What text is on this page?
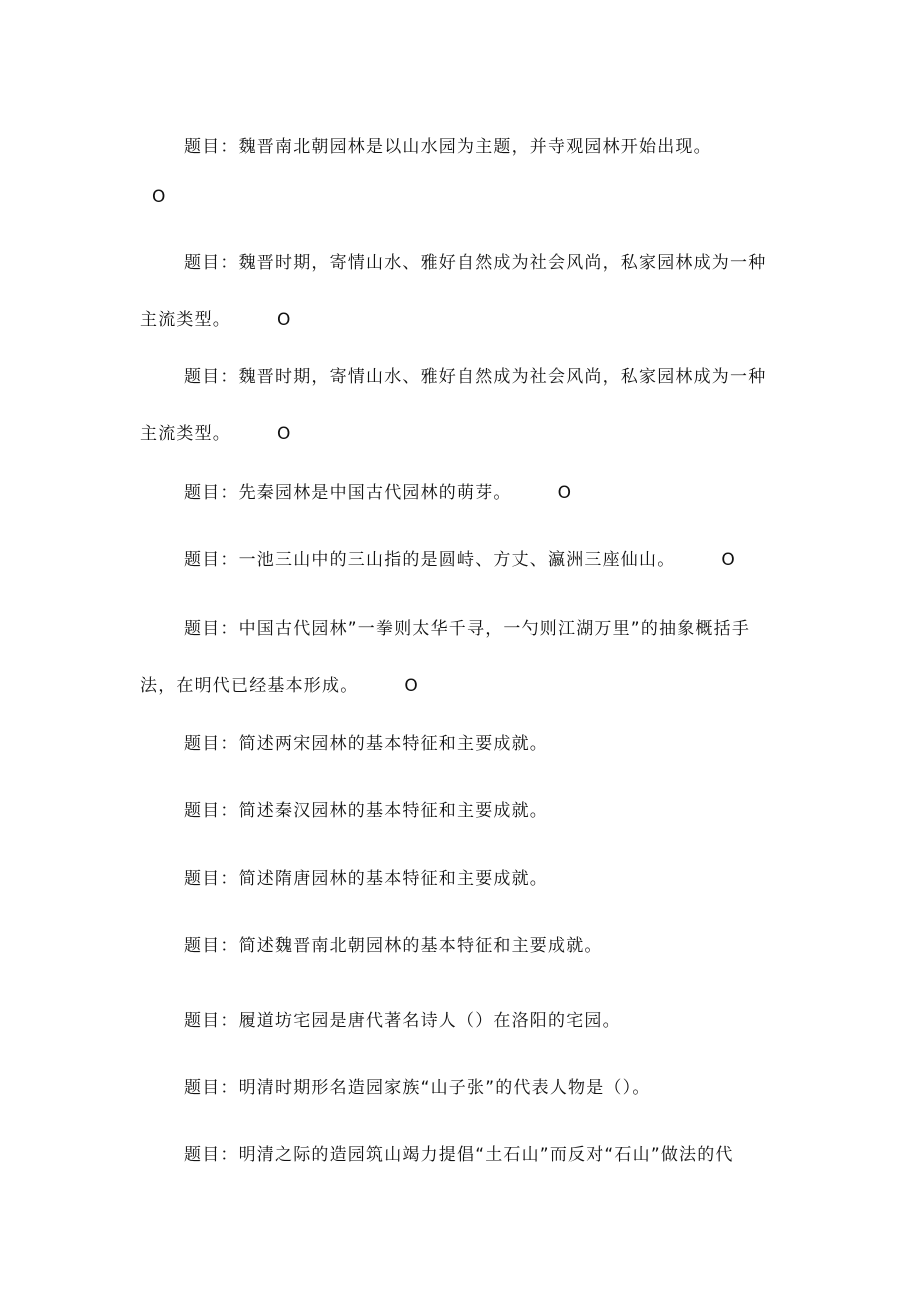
题目：魏晋南北朝园林是以山水园为主题，并寺观园林开始出现。

O

题目：魏晋时期，寄情山水、雅好自然成为社会风尚，私家园林成为一种主流类型。	O

题目：魏晋时期，寄情山水、雅好自然成为社会风尚，私家园林成为一种主流类型。	O

题目：先秦园林是中国古代园林的萌芽。	O

题目：一池三山中的三山指的是圆峙、方丈、瀛洲三座仙山。	O

题目：中国古代园林”一拳则太华千寻，一勺则江湖万里”的抽象概括手法，在明代已经基本形成。	O

题目：简述两宋园林的基本特征和主要成就。

题目：简述秦汉园林的基本特征和主要成就。

题目：简述隋唐园林的基本特征和主要成就。

题目：简述魏晋南北朝园林的基本特征和主要成就。

题目：履道坊宅园是唐代著名诗人（）在洛阳的宅园。

题目：明清时期形名造园家族“山子张”的代表人物是（）。

题目：明清之际的造园筑山竭力提倡“土石山”而反对“石山”做法的代
